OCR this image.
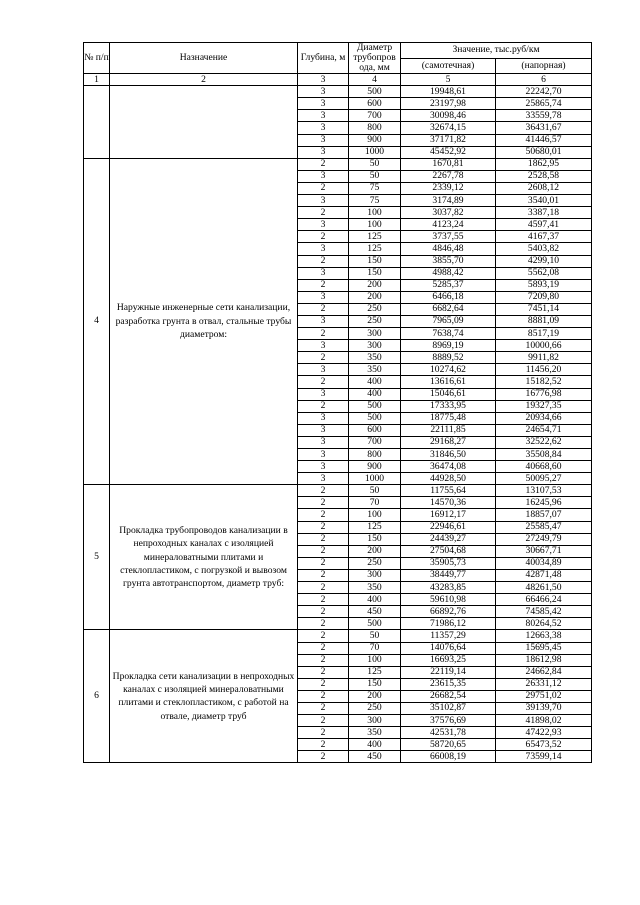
№ п/п	Назначение	Глубина, м	Диаметр трубопров ода, мм	Значение, тыс.руб/км	
				(самотечная)	(напорная)
1	2	3	4	5	6
		3	500	19948,61	22242,70
		3	600	23197,98	25865,74
		3	700	30098,46	33559,78
		3	800	32674,15	36431,67
		3	900	37171,82	41446,57
		3	1000	45452,92	50680,01
4	Наружные инженерные сети канализации, разработка грунта в отвал, стальные трубы диаметром:	2	50	1670,81	1862,95
		3	50	2267,78	2528,58
		2	75	2339,12	2608,12
		3	75	3174,89	3540,01
		2	100	3037,82	3387,18
		3	100	4123,24	4597,41
		2	125	3737,55	4167,37
		3	125	4846,48	5403,82
		2	150	3855,70	4299,10
		3	150	4988,42	5562,08
		2	200	5285,37	5893,19
		3	200	6466,18	7209,80
		2	250	6682,64	7451,14
		3	250	7965,09	8881,09
		2	300	7638,74	8517,19
		3	300	8969,19	10000,66
		2	350	8889,52	9911,82
		3	350	10274,62	11456,20
		2	400	13616,61	15182,52
		3	400	15046,61	16776,98
		2	500	17333,95	19327,35
		3	500	18775,48	20934,66
		3	600	22111,85	24654,71
		3	700	29168,27	32522,62
		3	800	31846,50	35508,84
		3	900	36474,08	40668,60
		3	1000	44928,50	50095,27
5	Прокладка трубопроводов канализации в непроходных каналах с изоляцией минераловатными плитами и стеклопластиком, с погрузкой и вывозом грунта автотранспортом, диаметр труб:	2	50	11755,64	13107,53
		2	70	14570,36	16245,96
		2	100	16912,17	18857,07
		2	125	22946,61	25585,47
		2	150	24439,27	27249,79
		2	200	27504,68	30667,71
		2	250	35905,73	40034,89
		2	300	38449,77	42871,48
		2	350	43283,85	48261,50
		2	400	59610,98	66466,24
		2	450	66892,76	74585,42
		2	500	71986,12	80264,52
6	Прокладка сети канализации в непроходных каналах с изоляцией минераловатными плитами и стеклопластиком, с работой на отвале, диаметр труб	2	50	11357,29	12663,38
		2	70	14076,64	15695,45
		2	100	16693,25	18612,98
		2	125	22119,14	24662,84
		2	150	23615,35	26331,12
		2	200	26682,54	29751,02
		2	250	35102,87	39139,70
		2	300	37576,69	41898,02
		2	350	42531,78	47422,93
		2	400	58720,65	65473,52
		2	450	66008,19	73599,14
